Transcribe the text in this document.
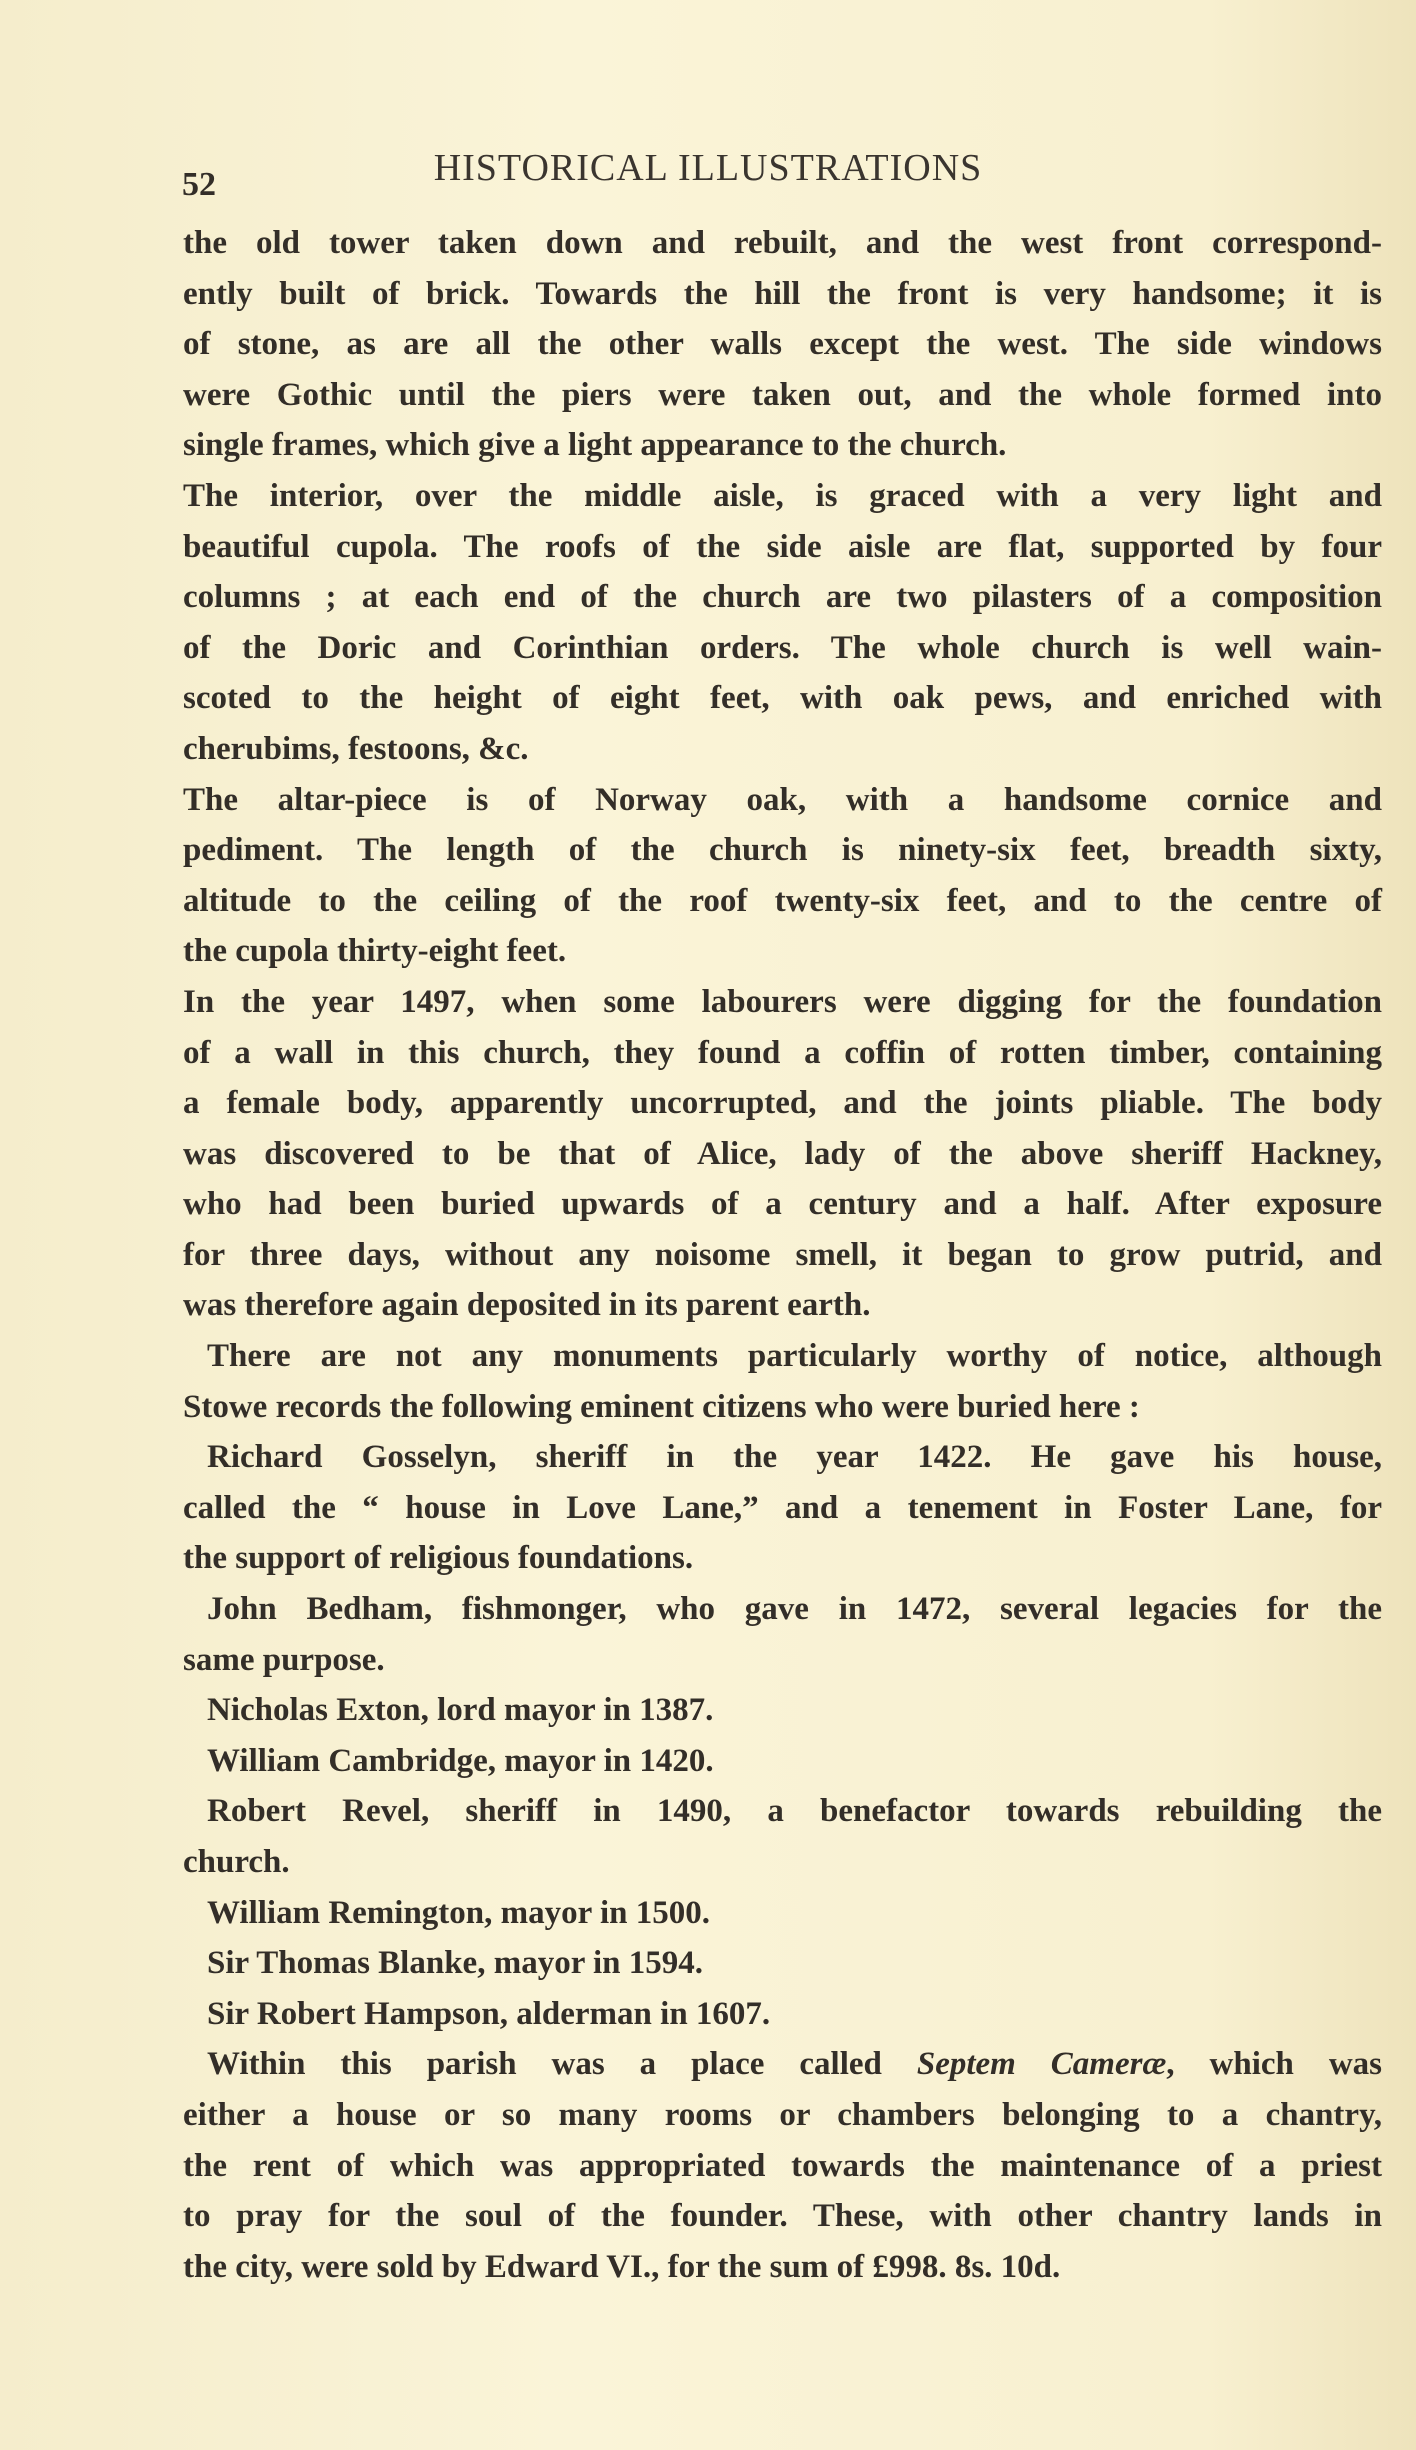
52	HISTORICAL ILLUSTRATIONS
the old tower taken down and rebuilt, and the west front correspond-
ently built of brick. Towards the hill the front is very handsome; it is
of stone, as are all the other walls except the west. The side windows
were Gothic until the piers were taken out, and the whole formed into
single frames, which give a light appearance to the church.
The interior, over the middle aisle, is graced with a very light and
beautiful cupola. The roofs of the side aisle are flat, supported by four
columns ; at each end of the church are two pilasters of a composition
of the Doric and Corinthian orders. The whole church is well wain-
scoted to the height of eight feet, with oak pews, and enriched with
cherubims, festoons, &c.
The altar-piece is of Norway oak, with a handsome cornice and
pediment. The length of the church is ninety-six feet, breadth sixty,
altitude to the ceiling of the roof twenty-six feet, and to the centre of
the cupola thirty-eight feet.
In the year 1497, when some labourers were digging for the foundation
of a wall in this church, they found a coffin of rotten timber, containing
a female body, apparently uncorrupted, and the joints pliable. The body
was discovered to be that of Alice, lady of the above sheriff Hackney,
who had been buried upwards of a century and a half. After exposure
for three days, without any noisome smell, it began to grow putrid, and
was therefore again deposited in its parent earth.
There are not any monuments particularly worthy of notice, although
Stowe records the following eminent citizens who were buried here :
Richard Gosselyn, sheriff in the year 1422. He gave his house,
called the “ house in Love Lane,” and a tenement in Foster Lane, for
the support of religious foundations.
John Bedham, fishmonger, who gave in 1472, several legacies for the
same purpose.
Nicholas Exton, lord mayor in 1387.
William Cambridge, mayor in 1420.
Robert Revel, sheriff in 1490, a benefactor towards rebuilding the
church.
William Remington, mayor in 1500.
Sir Thomas Blanke, mayor in 1594.
Sir Robert Hampson, alderman in 1607.
Within this parish was a place called Septem Cameræ, which was
either a house or so many rooms or chambers belonging to a chantry,
the rent of which was appropriated towards the maintenance of a priest
to pray for the soul of the founder. These, with other chantry lands in
the city, were sold by Edward VI., for the sum of £998. 8s. 10d.
